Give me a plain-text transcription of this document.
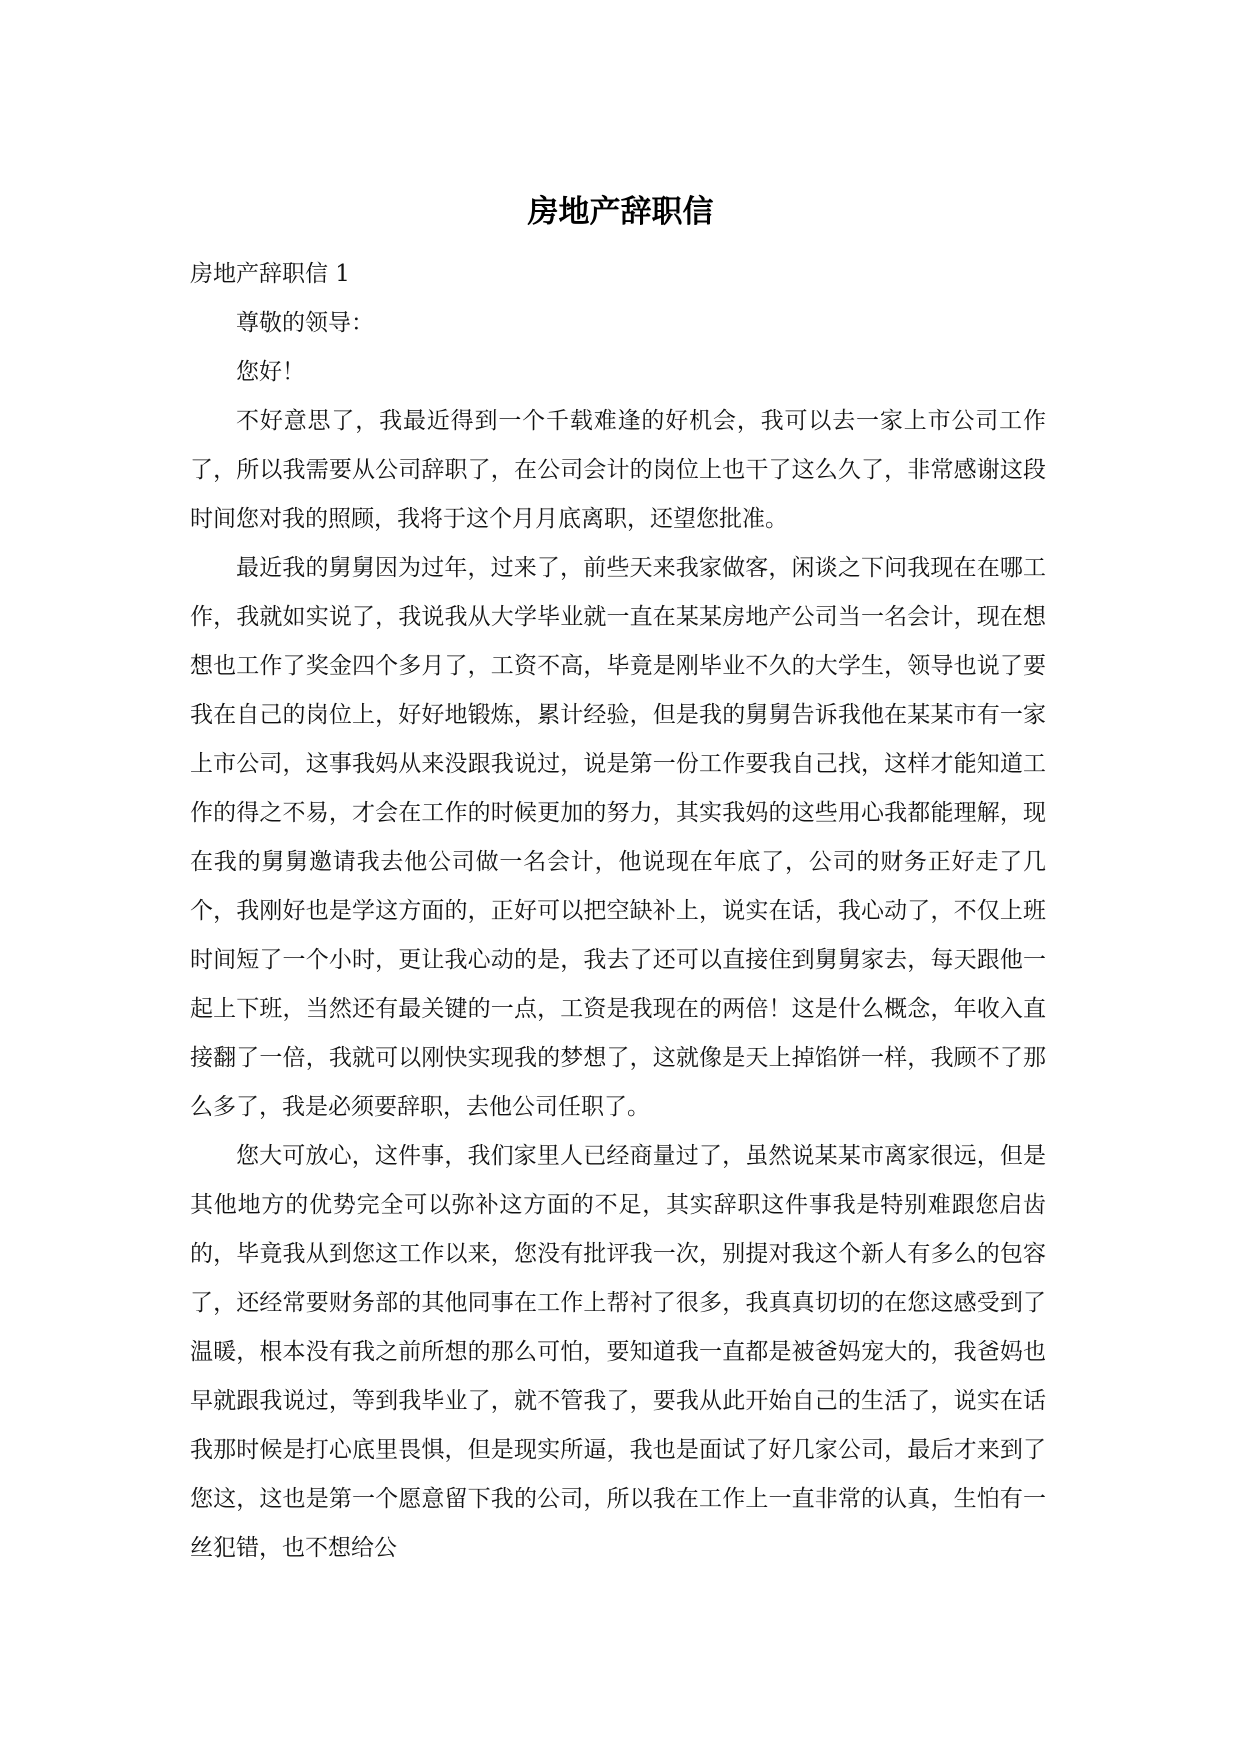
房地产辞职信

房地产辞职信 1

尊敬的领导：

您好！

不好意思了，我最近得到一个千载难逢的好机会，我可以去一家上市公司工作了，所以我需要从公司辞职了，在公司会计的岗位上也干了这么久了，非常感谢这段时间您对我的照顾，我将于这个月月底离职，还望您批准。

最近我的舅舅因为过年，过来了，前些天来我家做客，闲谈之下问我现在在哪工作，我就如实说了，我说我从大学毕业就一直在某某房地产公司当一名会计，现在想想也工作了奖金四个多月了，工资不高，毕竟是刚毕业不久的大学生，领导也说了要我在自己的岗位上，好好地锻炼，累计经验，但是我的舅舅告诉我他在某某市有一家上市公司，这事我妈从来没跟我说过，说是第一份工作要我自己找，这样才能知道工作的得之不易，才会在工作的时候更加的努力，其实我妈的这些用心我都能理解，现在我的舅舅邀请我去他公司做一名会计，他说现在年底了，公司的财务正好走了几个，我刚好也是学这方面的，正好可以把空缺补上，说实在话，我心动了，不仅上班时间短了一个小时，更让我心动的是，我去了还可以直接住到舅舅家去，每天跟他一起上下班，当然还有最关键的一点，工资是我现在的两倍！这是什么概念，年收入直接翻了一倍，我就可以刚快实现我的梦想了，这就像是天上掉馅饼一样，我顾不了那么多了，我是必须要辞职，去他公司任职了。

您大可放心，这件事，我们家里人已经商量过了，虽然说某某市离家很远，但是其他地方的优势完全可以弥补这方面的不足，其实辞职这件事我是特别难跟您启齿的，毕竟我从到您这工作以来，您没有批评我一次，别提对我这个新人有多么的包容了，还经常要财务部的其他同事在工作上帮衬了很多，我真真切切的在您这感受到了温暖，根本没有我之前所想的那么可怕，要知道我一直都是被爸妈宠大的，我爸妈也早就跟我说过，等到我毕业了，就不管我了，要我从此开始自己的生活了，说实在话我那时候是打心底里畏惧，但是现实所逼，我也是面试了好几家公司，最后才来到了您这，这也是第一个愿意留下我的公司，所以我在工作上一直非常的认真，生怕有一丝犯错，也不想给公
